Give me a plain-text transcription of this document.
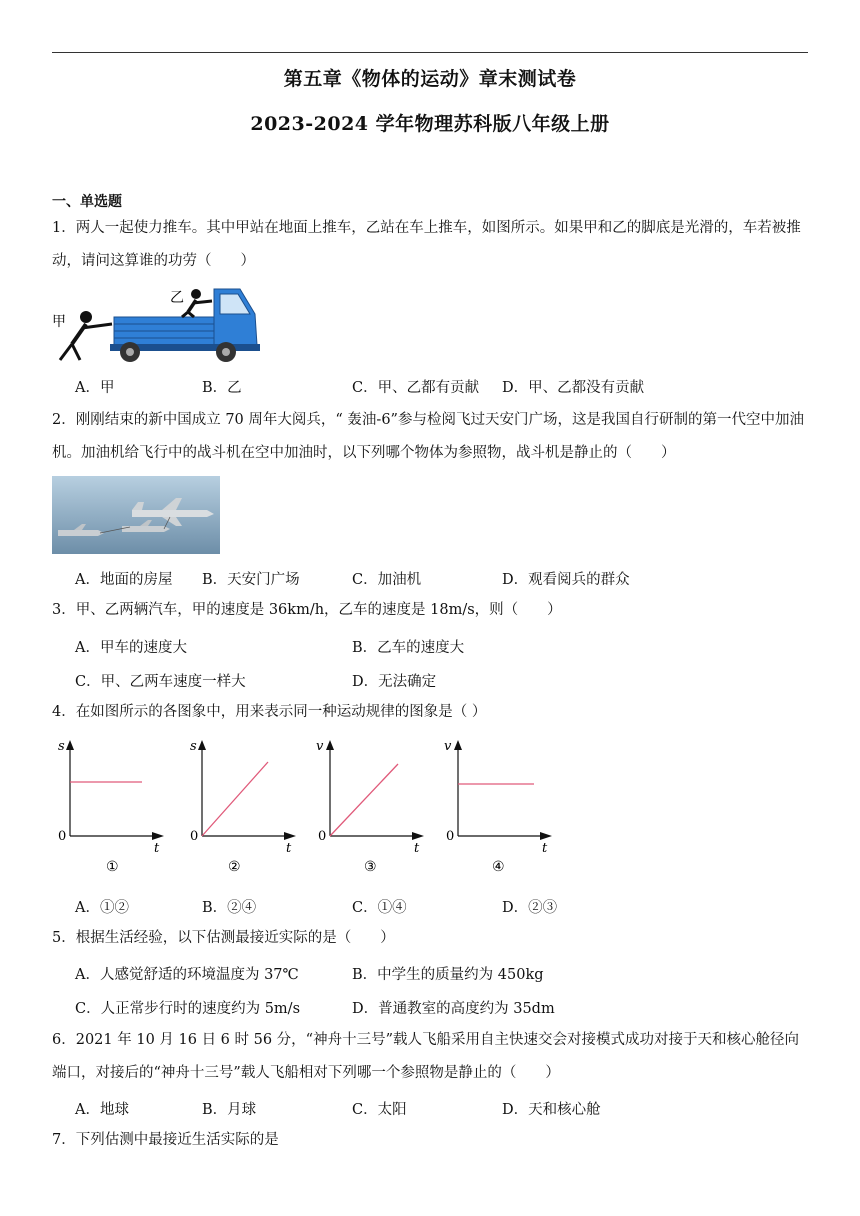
第五章《物体的运动》章末测试卷
2023-2024 学年物理苏科版八年级上册
一、单选题
1．两人一起使力推车。其中甲站在地面上推车，乙站在车上推车，如图所示。如果甲和乙的脚底是光滑的，车若被推动，请问这算谁的功劳（　　）
甲
乙
A．甲	B．乙	C．甲、乙都有贡献 D．甲、乙都没有贡献
2．刚刚结束的新中国成立 70 周年大阅兵，“ 轰油-6”参与检阅飞过天安门广场，这是我国自行研制的第一代空中加油机。加油机给飞行中的战斗机在空中加油时，以下列哪个物体为参照物，战斗机是静止的（　　）
A．地面的房屋 B．天安门广场	C．加油机	D．观看阅兵的群众
3．甲、乙两辆汽车，甲的速度是 36km/h，乙车的速度是 18m/s，则（　　）
A．甲车的速度大	B．乙车的速度大
C．甲、乙两车速度一样大	D．无法确定
4．在如图所示的各图象中，用来表示同一种运动规律的图象是（ ）
s
0
t
①
s
0
t
②
v
0
t
③
v
0
t
④
A．①②	B．②④	C．①④	D．②③
5．根据生活经验，以下估测最接近实际的是（　　）
A．人感觉舒适的环境温度为 37℃	B．中学生的质量约为 450kg
C．人正常步行时的速度约为 5m/s	D．普通教室的高度约为 35dm
6．2021 年 10 月 16 日 6 时 56 分，“神舟十三号”载人飞船采用自主快速交会对接模式成功对接于天和核心舱径向端口，对接后的“神舟十三号”载人飞船相对下列哪一个参照物是静止的（　　）
A．地球	B．月球	C．太阳	D．天和核心舱
7．下列估测中最接近生活实际的是
